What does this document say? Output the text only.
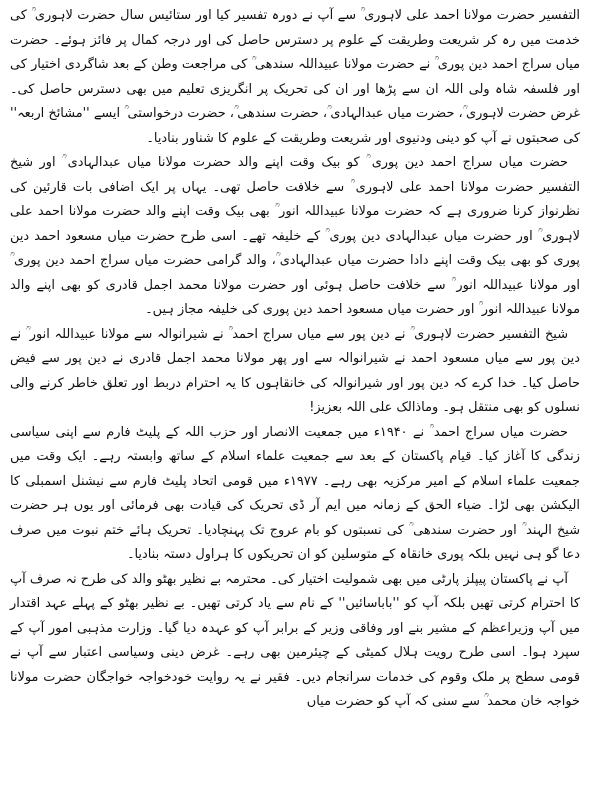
التفسیر حضرت مولانا احمد علی لاہوری ؒ سے آپ نے دورہ تفسیر کیا اور ستائیس سال حضرت لاہوری ؒ کی خدمت میں رہ کر شریعت وطریقت کے علوم پر دسترس حاصل کی اور درجہ کمال پر فائز ہوئے۔ حضرت میاں سراج احمد دین پوری ؒ نے حضرت مولانا عبیداللہ سندھی ؒ کی مراجعت وطن کے بعد شاگردی اختیار کی اور فلسفہ شاہ ولی اللہ ان سے پڑھا اور ان کی تحریک پر انگریزی تعلیم میں بھی دسترس حاصل کی۔ غرض حضرت لاہوری ؒ، حضرت میاں عبدالہادی ؒ، حضرت سندھی ؒ، حضرت درخواستی ؒ ایسے ''مشائخ اربعہ'' کی صحبتوں نے آپ کو دینی ودنیوی اور شریعت وطریقت کے علوم کا شناور بنادیا۔

حضرت میاں سراج احمد دین پوری ؒ کو بیک وقت اپنے والد حضرت مولانا میاں عبدالہادی ؒ اور شیخ التفسیر حضرت مولانا احمد علی لاہوری ؒ سے خلافت حاصل تھی۔ یہاں پر ایک اضافی بات قارئین کی نظرنواز کرنا ضروری ہے کہ حضرت مولانا عبیداللہ انور ؒ بھی بیک وقت اپنے والد حضرت مولانا احمد علی لاہوری ؒ اور حضرت میاں عبدالہادی دین پوری ؒ کے خلیفہ تھے۔ اسی طرح حضرت میاں مسعود احمد دین پوری کو بھی بیک وقت اپنے دادا حضرت میاں عبدالہادی ؒ، والد گرامی حضرت میاں سراج احمد دین پوری ؒ اور مولانا عبیداللہ انور ؒ سے خلافت حاصل ہوئی اور حضرت مولانا محمد اجمل قادری کو بھی اپنے والد مولانا عبیداللہ انور ؒ اور حضرت میاں مسعود احمد دین پوری کی خلیفہ مجاز ہیں۔

شیخ التفسیر حضرت لاہوری ؒ نے دین پور سے میاں سراج احمد ؒ نے شیرانوالہ سے مولانا عبیداللہ انور ؒ نے دین پور سے میاں مسعود احمد نے شیرانوالہ سے اور پھر مولانا محمد اجمل قادری نے دین پور سے فیض حاصل کیا۔ خدا کرے کہ دین پور اور شیرانوالہ کی خانقاہوں کا یہ احترام دربط اور تعلق خاطر کرنے والی نسلوں کو بھی منتقل ہو۔ وماذالک علی اللہ بعزیز!

حضرت میاں سراج احمد ؒ نے ۱۹۴۰ء میں جمعیت الانصار اور حزب اللہ کے پلیٹ فارم سے اپنی سیاسی زندگی کا آغاز کیا۔ قیام پاکستان کے بعد سے جمعیت علماء اسلام کے ساتھ وابستہ رہے۔ ایک وقت میں جمعیت علماء اسلام کے امیر مرکزیہ بھی رہے۔ ۱۹۷۷ء میں قومی اتحاد پلیٹ فارم سے نیشنل اسمبلی کا الیکشن بھی لڑا۔ ضیاء الحق کے زمانہ میں ایم آر ڈی تحریک کی قیادت بھی فرمائی اور یوں ہر حضرت شیخ الہند ؒ اور حضرت سندھی ؒ کی نسبتوں کو بام عروج تک پہنچادیا۔ تحریک ہائے ختم نبوت میں صرف دعا گو ہی نہیں بلکہ پوری خانقاہ کے متوسلین کو ان تحریکوں کا ہراول دستہ بنادیا۔

آپ نے پاکستان پیپلز پارٹی میں بھی شمولیت اختیار کی۔ محترمہ بے نظیر بھٹو والد کی طرح نہ صرف آپ کا احترام کرتی تھیں بلکہ آپ کو ''باباسائیں'' کے نام سے یاد کرتی تھیں۔ بے نظیر بھٹو کے پہلے عہد اقتدار میں آپ وزیراعظم کے مشیر بنے اور وفاقی وزیر کے برابر آپ کو عہدہ دیا گیا۔ وزارت مذہبی امور آپ کے سپرد ہوا۔ اسی طرح رویت ہلال کمیٹی کے چیئرمین بھی رہے۔ غرض دینی وسیاسی اعتبار سے آپ نے قومی سطح پر ملک وقوم کی خدمات سرانجام دیں۔ فقیر نے یہ روایت خودخواجہ خواجگان حضرت مولانا خواجہ خان محمد ؒ سے سنی کہ آپ کو حضرت میاں
